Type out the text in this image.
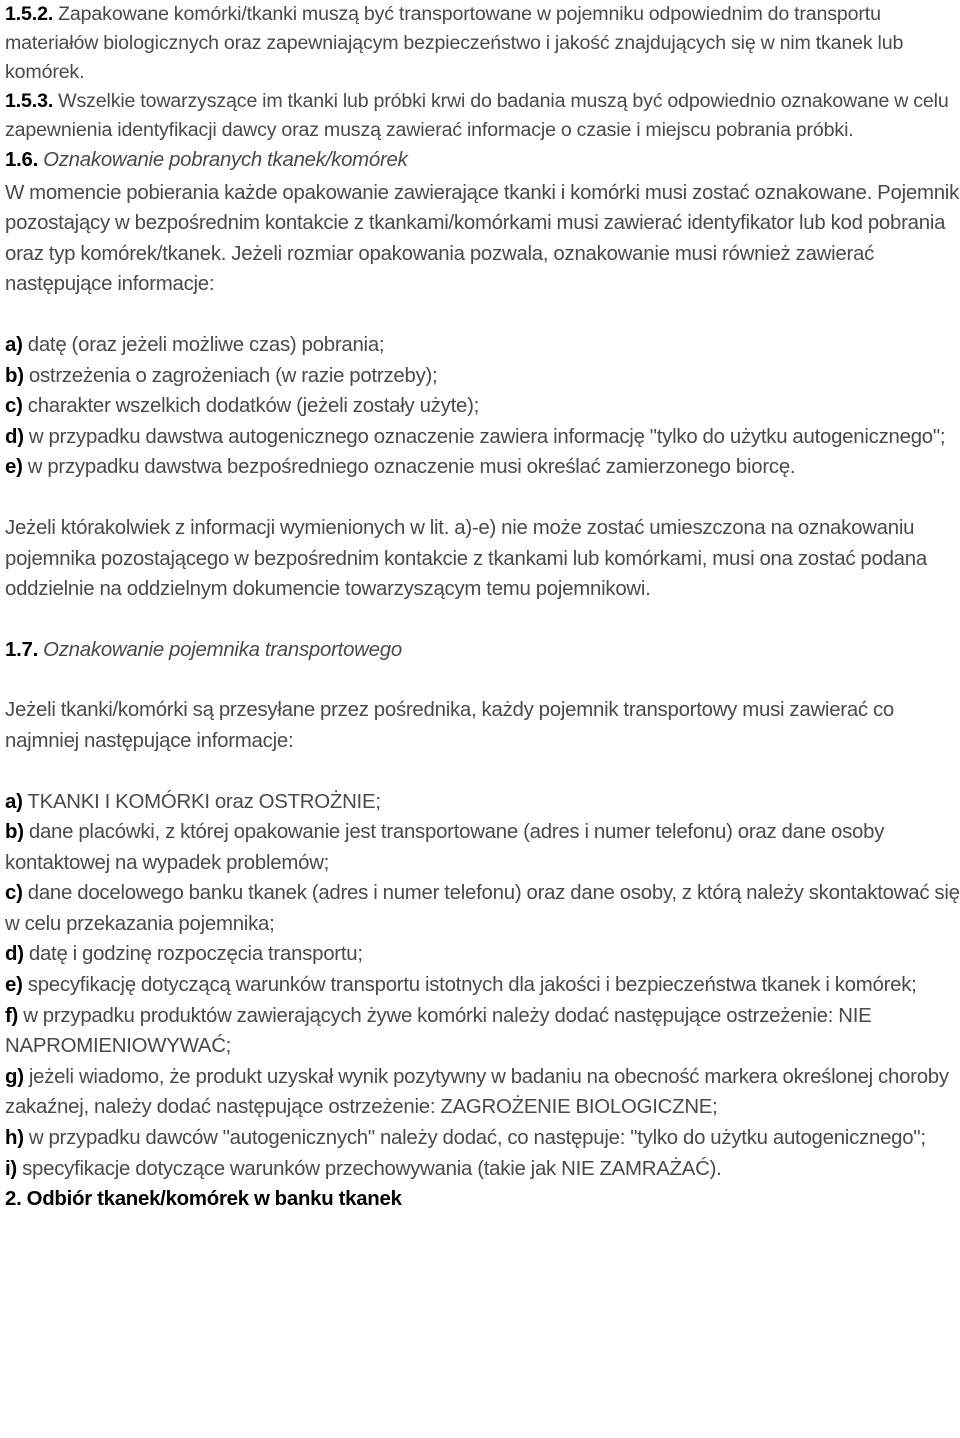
1.5.2. Zapakowane komórki/tkanki muszą być transportowane w pojemniku odpowiednim do transportu materiałów biologicznych oraz zapewniającym bezpieczeństwo i jakość znajdujących się w nim tkanek lub komórek.

1.5.3. Wszelkie towarzyszące im tkanki lub próbki krwi do badania muszą być odpowiednio oznakowane w celu zapewnienia identyfikacji dawcy oraz muszą zawierać informacje o czasie i miejscu pobrania próbki.

1.6. Oznakowanie pobranych tkanek/komórek

W momencie pobierania każde opakowanie zawierające tkanki i komórki musi zostać oznakowane. Pojemnik pozostający w bezpośrednim kontakcie z tkankami/komórkami musi zawierać identyfikator lub kod pobrania oraz typ komórek/tkanek. Jeżeli rozmiar opakowania pozwala, oznakowanie musi również zawierać następujące informacje:

a) datę (oraz jeżeli możliwe czas) pobrania;

b) ostrzeżenia o zagrożeniach (w razie potrzeby);

c) charakter wszelkich dodatków (jeżeli zostały użyte);

d) w przypadku dawstwa autogenicznego oznaczenie zawiera informację "tylko do użytku autogenicznego";

e) w przypadku dawstwa bezpośredniego oznaczenie musi określać zamierzonego biorcę.

Jeżeli którakolwiek z informacji wymienionych w lit. a)-e) nie może zostać umieszczona na oznakowaniu pojemnika pozostającego w bezpośrednim kontakcie z tkankami lub komórkami, musi ona zostać podana oddzielnie na oddzielnym dokumencie towarzyszącym temu pojemnikowi.

1.7. Oznakowanie pojemnika transportowego

Jeżeli tkanki/komórki są przesyłane przez pośrednika, każdy pojemnik transportowy musi zawierać co najmniej następujące informacje:

a) TKANKI I KOMÓRKI oraz OSTROŻNIE;

b) dane placówki, z której opakowanie jest transportowane (adres i numer telefonu) oraz dane osoby kontaktowej na wypadek problemów;

c) dane docelowego banku tkanek (adres i numer telefonu) oraz dane osoby, z którą należy skontaktować się w celu przekazania pojemnika;

d) datę i godzinę rozpoczęcia transportu;

e) specyfikację dotyczącą warunków transportu istotnych dla jakości i bezpieczeństwa tkanek i komórek;

f) w przypadku produktów zawierających żywe komórki należy dodać następujące ostrzeżenie: NIE NAPROMIENIOWYWAĆ;

g) jeżeli wiadomo, że produkt uzyskał wynik pozytywny w badaniu na obecność markera określonej choroby zakaźnej, należy dodać następujące ostrzeżenie: ZAGROŻENIE BIOLOGICZNE;

h) w przypadku dawców "autogenicznych" należy dodać, co następuje: "tylko do użytku autogenicznego";

i) specyfikacje dotyczące warunków przechowywania (takie jak NIE ZAMRAŻAĆ).

2. Odbiór tkanek/komórek w banku tkanek
